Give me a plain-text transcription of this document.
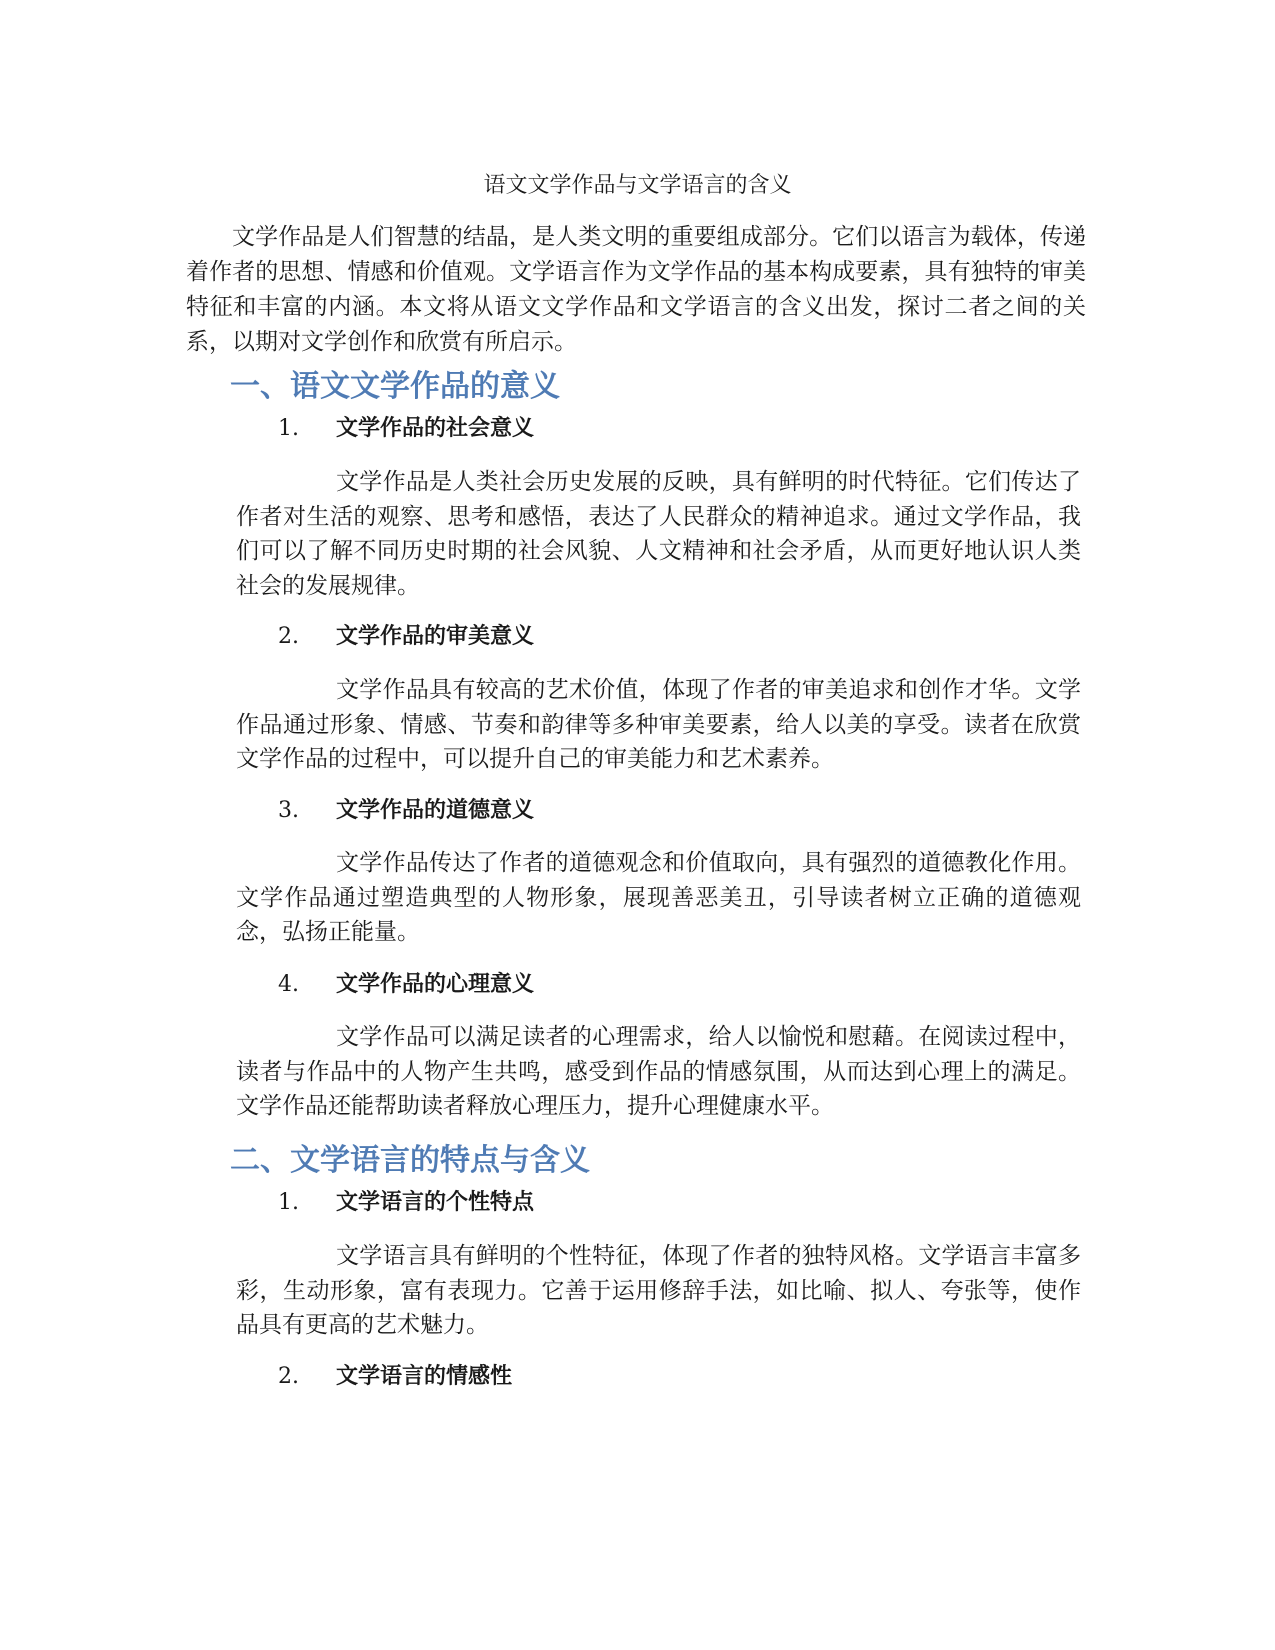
语文文学作品与文学语言的含义

文学作品是人们智慧的结晶，是人类文明的重要组成部分。它们以语言为载体，传递着作者的思想、情感和价值观。文学语言作为文学作品的基本构成要素，具有独特的审美特征和丰富的内涵。本文将从语文文学作品和文学语言的含义出发，探讨二者之间的关系，以期对文学创作和欣赏有所启示。

一、语文文学作品的意义
1. 文学作品的社会意义

文学作品是人类社会历史发展的反映，具有鲜明的时代特征。它们传达了作者对生活的观察、思考和感悟，表达了人民群众的精神追求。通过文学作品，我们可以了解不同历史时期的社会风貌、人文精神和社会矛盾，从而更好地认识人类社会的发展规律。

2. 文学作品的审美意义

文学作品具有较高的艺术价值，体现了作者的审美追求和创作才华。文学作品通过形象、情感、节奏和韵律等多种审美要素，给人以美的享受。读者在欣赏文学作品的过程中，可以提升自己的审美能力和艺术素养。

3. 文学作品的道德意义

文学作品传达了作者的道德观念和价值取向，具有强烈的道德教化作用。文学作品通过塑造典型的人物形象，展现善恶美丑，引导读者树立正确的道德观念，弘扬正能量。

4. 文学作品的心理意义

文学作品可以满足读者的心理需求，给人以愉悦和慰藉。在阅读过程中，读者与作品中的人物产生共鸣，感受到作品的情感氛围，从而达到心理上的满足。文学作品还能帮助读者释放心理压力，提升心理健康水平。

二、文学语言的特点与含义
1. 文学语言的个性特点

文学语言具有鲜明的个性特征，体现了作者的独特风格。文学语言丰富多彩，生动形象，富有表现力。它善于运用修辞手法，如比喻、拟人、夸张等，使作品具有更高的艺术魅力。

2. 文学语言的情感性
